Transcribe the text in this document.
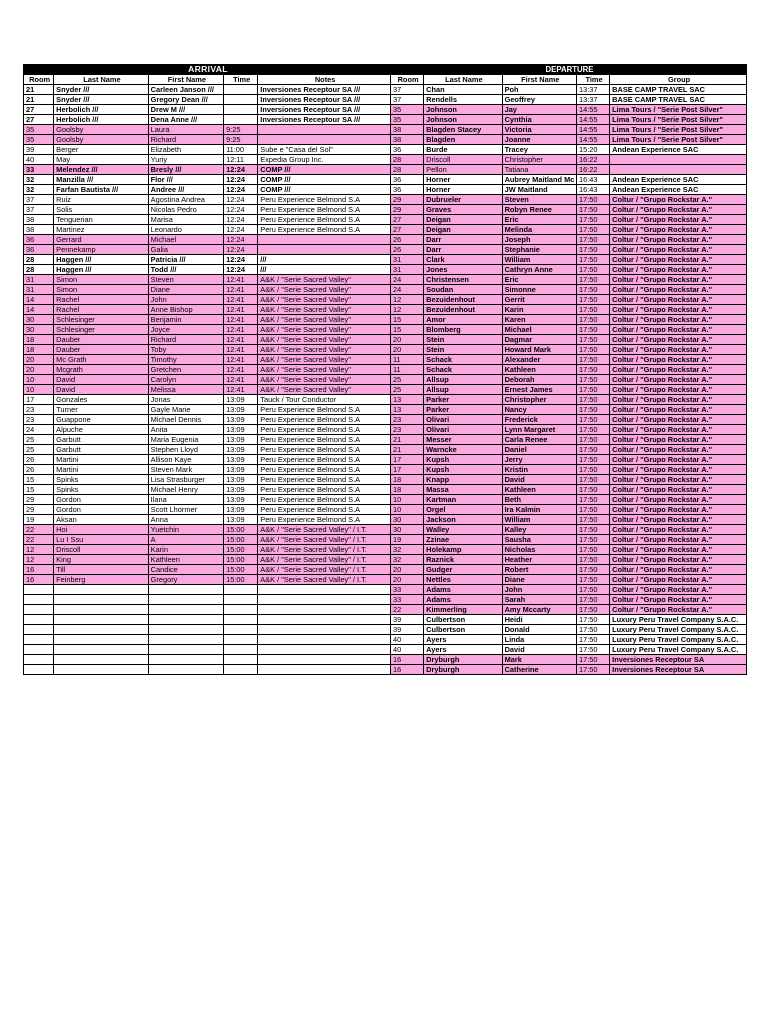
ARRIVAL					DEPARTURE				
Room	Last Name	First Name	Time	Notes	Room	Last Name	First Name	Time	Group
21	Snyder ///	Carleen Janson ///		Inversiones Receptour SA ///	37	Chan	Poh	13:37	BASE CAMP TRAVEL SAC
21	Snyder ///	Gregory Dean ///		Inversiones Receptour SA ///	37	Rendells	Geoffrey	13:37	BASE CAMP TRAVEL SAC
27	Herbolich ///	Drew M ///		Inversiones Receptour SA ///	35	Johnson	Jay	14:55	Lima Tours / "Serie Post Silver"
27	Herbolich ///	Dena Anne ///		Inversiones Receptour SA ///	35	Johnson	Cynthia	14:55	Lima Tours / "Serie Post Silver"
35	Goolsby	Laura	9:25		38	Blagden Stacey	Victoria	14:55	Lima Tours / "Serie Post Silver"
35	Goolsby	Richard	9:25		38	Blagden	Joanne	14:55	Lima Tours / "Serie Post Silver"
39	Berger	Elizabeth	11:00	Sube e "Casa del Sol"	36	Burde	Tracey	15:20	Andean Experience SAC
40	May	Yuriy	12:11	Expedia Group Inc.	28	Driscoll	Christopher	16:22	
33	Melendez ///	Bresly ///	12:24	COMP ///	28	Pellon	Tatiana	16:22	
32	Manzilla ///	Flor ///	12:24	COMP ///	36	Horner	Aubrey Maitland Mc	16:43	Andean Experience SAC
32	Farfan Bautista ///	Andree ///	12:24	COMP ///	36	Horner	JW Maitland	16:43	Andean Experience SAC
37	Ruiz	Agostina Andrea	12:24	Peru Experience Belmond S.A	29	Dubrueler	Steven	17:50	Coltur / "Grupo Rockstar A."
37	Solis	Nicolas Pedro	12:24	Peru Experience Belmond S.A	29	Graves	Robyn Renee	17:50	Coltur / "Grupo Rockstar A."
38	Tenguerian	Marisa	12:24	Peru Experience Belmond S.A	27	Deigan	Eric	17:50	Coltur / "Grupo Rockstar A."
38	Martinez	Leonardo	12:24	Peru Experience Belmond S.A	27	Deigan	Melinda	17:50	Coltur / "Grupo Rockstar A."
36	Gerrard	Michael	12:24		26	Darr	Joseph	17:50	Coltur / "Grupo Rockstar A."
36	Pennekamp	Galia	12:24		26	Darr	Stephanie	17:50	Coltur / "Grupo Rockstar A."
28	Haggen ///	Patricia ///	12:24	///	31	Clark	William	17:50	Coltur / "Grupo Rockstar A."
28	Haggen ///	Todd ///	12:24	///	31	Jones	Cathryn Anne	17:50	Coltur / "Grupo Rockstar A."
31	Simon	Steven	12:41	A&K / "Serie Sacred Valley"	24	Christensen	Eric	17:50	Coltur / "Grupo Rockstar A."
31	Simon	Diane	12:41	A&K / "Serie Sacred Valley"	24	Soudan	Simonne	17:50	Coltur / "Grupo Rockstar A."
14	Rachel	John	12:41	A&K / "Serie Sacred Valley"	12	Bezuidenhout	Gerrit	17:50	Coltur / "Grupo Rockstar A."
14	Rachel	Anne Bishop	12:41	A&K / "Serie Sacred Valley"	12	Bezuidenhout	Karin	17:50	Coltur / "Grupo Rockstar A."
30	Schlesinger	Benjamin	12:41	A&K / "Serie Sacred Valley"	15	Amor	Karen	17:50	Coltur / "Grupo Rockstar A."
30	Schlesinger	Joyce	12:41	A&K / "Serie Sacred Valley"	15	Blomberg	Michael	17:50	Coltur / "Grupo Rockstar A."
18	Dauber	Richard	12:41	A&K / "Serie Sacred Valley"	20	Stein	Dagmar	17:50	Coltur / "Grupo Rockstar A."
18	Dauber	Toby	12:41	A&K / "Serie Sacred Valley"	20	Stein	Howard Mark	17:50	Coltur / "Grupo Rockstar A."
20	Mc Grath	Timothy	12:41	A&K / "Serie Sacred Valley"	11	Schack	Alexander	17:50	Coltur / "Grupo Rockstar A."
20	Mcgrath	Gretchen	12:41	A&K / "Serie Sacred Valley"	11	Schack	Kathleen	17:50	Coltur / "Grupo Rockstar A."
10	David	Carolyn	12:41	A&K / "Serie Sacred Valley"	25	Allsup	Deborah	17:50	Coltur / "Grupo Rockstar A."
10	David	Melissa	12:41	A&K / "Serie Sacred Valley"	25	Allsup	Ernest James	17:50	Coltur / "Grupo Rockstar A."
17	Gonzales	Jonas	13:09	Tauck / Tour Conductor	13	Parker	Christopher	17:50	Coltur / "Grupo Rockstar A."
23	Turner	Gayle Marie	13:09	Peru Experience Belmond S.A	13	Parker	Nancy	17:50	Coltur / "Grupo Rockstar A."
23	Guappone	Michael Dennis	13:09	Peru Experience Belmond S.A	23	Olivari	Frederick	17:50	Coltur / "Grupo Rockstar A."
24	Alpuche	Anita	13:09	Peru Experience Belmond S.A	23	Olivari	Lynn Margaret	17:50	Coltur / "Grupo Rockstar A."
25	Garbutt	Maria Eugenia	13:09	Peru Experience Belmond S.A	21	Messer	Carla Renee	17:50	Coltur / "Grupo Rockstar A."
25	Garbutt	Stephen Lloyd	13:09	Peru Experience Belmond S.A	21	Warncke	Daniel	17:50	Coltur / "Grupo Rockstar A."
26	Martini	Allison Kaye	13:09	Peru Experience Belmond S.A	17	Kupsh	Jerry	17:50	Coltur / "Grupo Rockstar A."
26	Martini	Steven Mark	13:09	Peru Experience Belmond S.A	17	Kupsh	Kristin	17:50	Coltur / "Grupo Rockstar A."
15	Spinks	Lisa Strasburger	13:09	Peru Experience Belmond S.A	18	Knapp	David	17:50	Coltur / "Grupo Rockstar A."
15	Spinks	Michael Henry	13:09	Peru Experience Belmond S.A	18	Massa	Kathleen	17:50	Coltur / "Grupo Rockstar A."
29	Gordon	Ilana	13:09	Peru Experience Belmond S.A	10	Kartman	Beth	17:50	Coltur / "Grupo Rockstar A."
29	Gordon	Scott Lhormer	13:09	Peru Experience Belmond S.A	10	Orgel	Ira Kalmin	17:50	Coltur / "Grupo Rockstar A."
19	Aksan	Anna	13:09	Peru Experience Belmond S.A	30	Jackson	William	17:50	Coltur / "Grupo Rockstar A."
22	Hoi	Yuetchin	15:00	A&K / "Serie Sacred Valley" / I.T.	30	Walley	Kalley	17:50	Coltur / "Grupo Rockstar A."
22	Lu I Ssu	A	15:00	A&K / "Serie Sacred Valley" / I.T.	19	Zzinae	Sausha	17:50	Coltur / "Grupo Rockstar A."
12	Driscoll	Karin	15:00	A&K / "Serie Sacred Valley" / I.T.	32	Holekamp	Nicholas	17:50	Coltur / "Grupo Rockstar A."
12	King	Kathleen	15:00	A&K / "Serie Sacred Valley" / I.T.	32	Raznick	Heather	17:50	Coltur / "Grupo Rockstar A."
16	Till	Candice	15:00	A&K / "Serie Sacred Valley" / I.T.	20	Gudger	Robert	17:50	Coltur / "Grupo Rockstar A."
16	Feinberg	Gregory	15:00	A&K / "Serie Sacred Valley" / I.T.	20	Nettles	Diane	17:50	Coltur / "Grupo Rockstar A."
					33	Adams	John	17:50	Coltur / "Grupo Rockstar A."
					33	Adams	Sarah	17:50	Coltur / "Grupo Rockstar A."
					22	Kimmerling	Amy Mccarty	17:50	Coltur / "Grupo Rockstar A."
					39	Culbertson	Heidi	17:50	Luxury Peru Travel Company S.A.C.
					39	Culbertson	Donald	17:50	Luxury Peru Travel Company S.A.C.
					40	Ayers	Linda	17:50	Luxury Peru Travel Company S.A.C.
					40	Ayers	David	17:50	Luxury Peru Travel Company S.A.C.
					16	Dryburgh	Mark	17:50	Inversiones Receptour SA
					16	Dryburgh	Catherine	17:50	Inversiones Receptour SA
